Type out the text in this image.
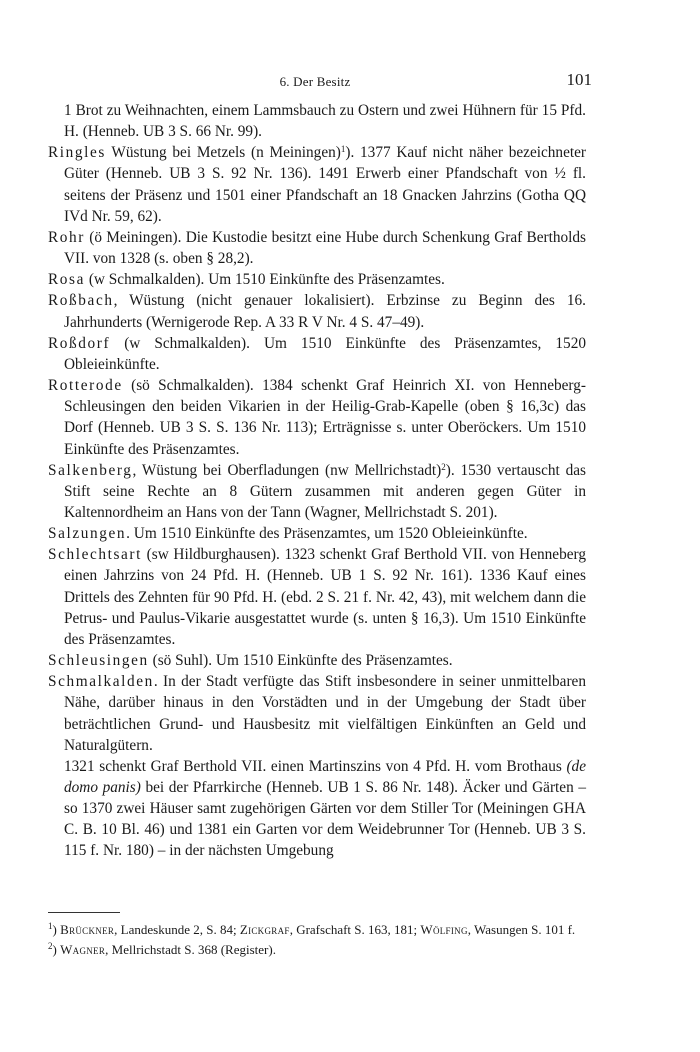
6. Der Besitz	101

1 Brot zu Weihnachten, einem Lammsbauch zu Ostern und zwei Hühnern für 15 Pfd. H. (Henneb. UB 3 S. 66 Nr. 99).

Ringles Wüstung bei Metzels (n Meiningen)$^1$). 1377 Kauf nicht näher bezeichneter Güter (Henneb. UB 3 S. 92 Nr. 136). 1491 Erwerb einer Pfandschaft von ½ fl. seitens der Präsenz und 1501 einer Pfandschaft an 18 Gnacken Jahrzins (Gotha QQ IVd Nr. 59, 62).

Rohr (ö Meiningen). Die Kustodie besitzt eine Hube durch Schenkung Graf Bertholds VII. von 1328 (s. oben § 28,2).

Rosa (w Schmalkalden). Um 1510 Einkünfte des Präsenzamtes.

Roßbach, Wüstung (nicht genauer lokalisiert). Erbzinse zu Beginn des 16. Jahrhunderts (Wernigerode Rep. A 33 R V Nr. 4 S. 47–49).

Roßdorf (w Schmalkalden). Um 1510 Einkünfte des Präsenzamtes, 1520 Obleieinkünfte.

Rotterode (sö Schmalkalden). 1384 schenkt Graf Heinrich XI. von Henneberg-Schleusingen den beiden Vikarien in der Heilig-Grab-Kapelle (oben § 16,3c) das Dorf (Henneb. UB 3 S. S. 136 Nr. 113); Erträgnisse s. unter Oberöckers. Um 1510 Einkünfte des Präsenzamtes.

Salkenberg, Wüstung bei Oberfladungen (nw Mellrichstadt)$^2$). 1530 vertauscht das Stift seine Rechte an 8 Gütern zusammen mit anderen gegen Güter in Kaltennordheim an Hans von der Tann (Wagner, Mellrichstadt S. 201).

Salzungen. Um 1510 Einkünfte des Präsenzamtes, um 1520 Obleieinkünfte.

Schlechtsart (sw Hildburghausen). 1323 schenkt Graf Berthold VII. von Henneberg einen Jahrzins von 24 Pfd. H. (Henneb. UB 1 S. 92 Nr. 161). 1336 Kauf eines Drittels des Zehnten für 90 Pfd. H. (ebd. 2 S. 21 f. Nr. 42, 43), mit welchem dann die Petrus- und Paulus-Vikarie ausgestattet wurde (s. unten § 16,3). Um 1510 Einkünfte des Präsenzamtes.

Schleusingen (sö Suhl). Um 1510 Einkünfte des Präsenzamtes.

Schmalkalden. In der Stadt verfügte das Stift insbesondere in seiner unmittelbaren Nähe, darüber hinaus in den Vorstädten und in der Umgebung der Stadt über beträchtlichen Grund- und Hausbesitz mit vielfältigen Einkünften an Geld und Naturalgütern.

1321 schenkt Graf Berthold VII. einen Martinszins von 4 Pfd. H. vom Brothaus (de domo panis) bei der Pfarrkirche (Henneb. UB 1 S. 86 Nr. 148). Äcker und Gärten – so 1370 zwei Häuser samt zugehörigen Gärten vor dem Stiller Tor (Meiningen GHA C. B. 10 Bl. 46) und 1381 ein Garten vor dem Weidebrunner Tor (Henneb. UB 3 S. 115 f. Nr. 180) – in der nächsten Umgebung

$^1$) Brückner, Landeskunde 2, S. 84; Zickgraf, Grafschaft S. 163, 181; Wölfing, Wasungen S. 101 f.

$^2$) Wagner, Mellrichstadt S. 368 (Register).
